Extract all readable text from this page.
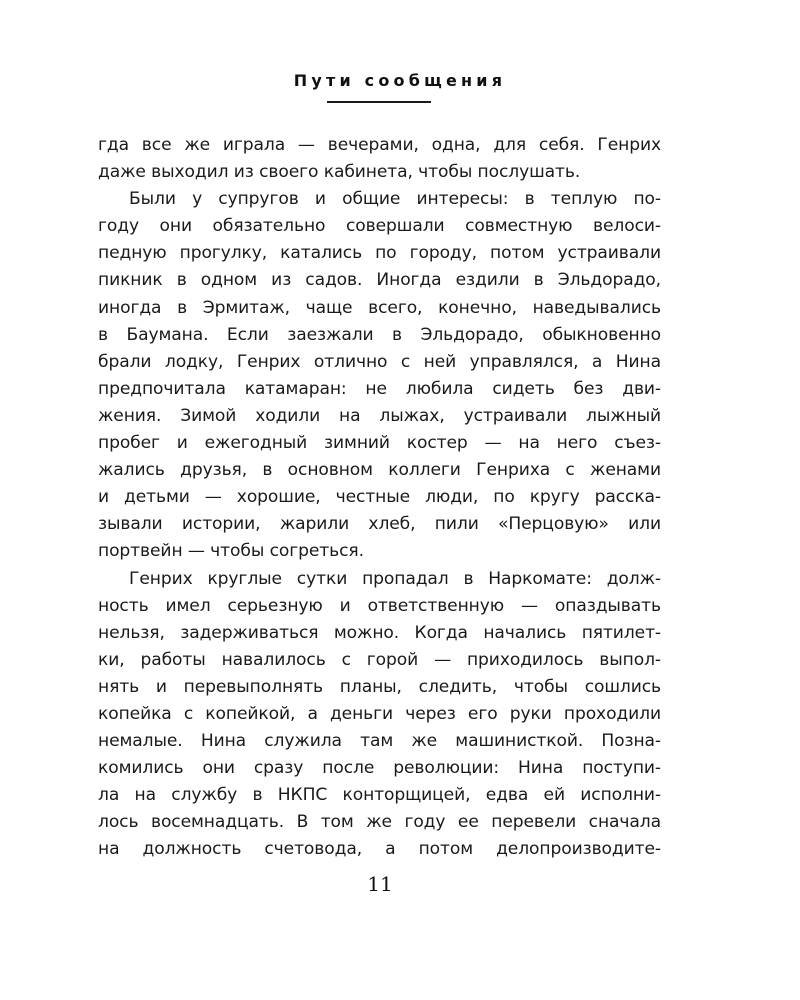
Пути сообщения
гда все же играла — вечерами, одна, для себя. Генрих
даже выходил из своего кабинета, чтобы послушать.
Были у супругов и общие интересы: в теплую по-
году они обязательно совершали совместную велоси-
педную прогулку, катались по городу, потом устраивали
пикник в одном из садов. Иногда ездили в Эльдорадо,
иногда в Эрмитаж, чаще всего, конечно, наведывались
в Баумана. Если заезжали в Эльдорадо, обыкновенно
брали лодку, Генрих отлично с ней управлялся, а Нина
предпочитала катамаран: не любила сидеть без дви-
жения. Зимой ходили на лыжах, устраивали лыжный
пробег и ежегодный зимний костер — на него съез-
жались друзья, в основном коллеги Генриха с женами
и детьми — хорошие, честные люди, по кругу расска-
зывали истории, жарили хлеб, пили «Перцовую» или
портвейн — чтобы согреться.
Генрих круглые сутки пропадал в Наркомате: долж-
ность имел серьезную и ответственную — опаздывать
нельзя, задерживаться можно. Когда начались пятилет-
ки, работы навалилось с горой — приходилось выпол-
нять и перевыполнять планы, следить, чтобы сошлись
копейка с копейкой, а деньги через его руки проходили
немалые. Нина служила там же машинисткой. Позна-
комились они сразу после революции: Нина поступи-
ла на службу в НКПС конторщицей, едва ей исполни-
лось восемнадцать. В том же году ее перевели сначала
на должность счетовода, а потом делопроизводите-
11
